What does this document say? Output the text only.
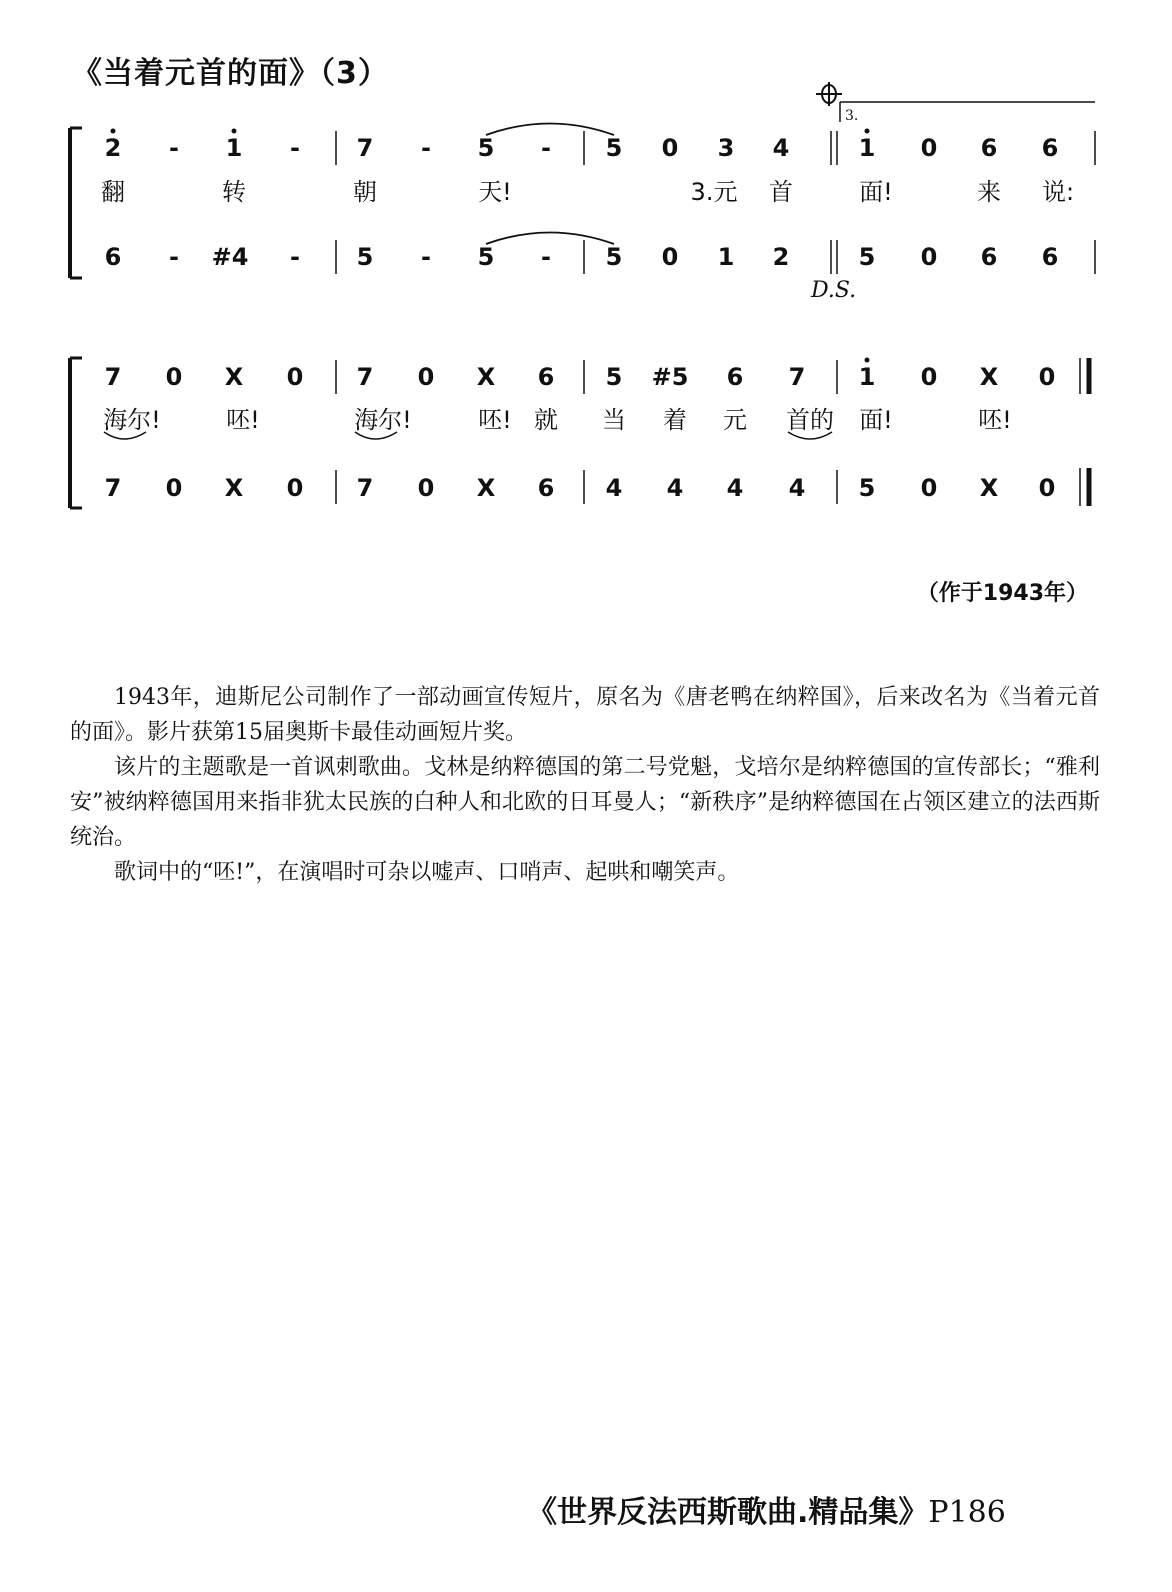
《当着元首的面》（3）
2 - 1 - 7 - 5 - 5 0 3 4	1 0 6 6
翻	转	朝	天!	3.元 首	面!	来 说:
6 - #4 - 5 - 5 - 5 0 1 2	5 0 6 6
3.
D.S.
7 0 X 0 7 0 X 6 5 #5 6 7 1 0 X 0
海尔!	呸!	海尔!	呸! 就 当 着 元 首的 面!	呸!
7 0 X 0 7 0 X 6 4 4 4 4 5 0 X 0
（作于1943年）

1943年，迪斯尼公司制作了一部动画宣传短片，原名为《唐老鸭在纳粹国》，后来改名为《当着元首的面》。影片获第15届奥斯卡最佳动画短片奖。

该片的主题歌是一首讽刺歌曲。戈林是纳粹德国的第二号党魁，戈培尔是纳粹德国的宣传部长；“雅利安”被纳粹德国用来指非犹太民族的白种人和北欧的日耳曼人；“新秩序”是纳粹德国在占领区建立的法西斯统治。

歌词中的“呸!”，在演唱时可杂以嘘声、口哨声、起哄和嘲笑声。

《世界反法西斯歌曲.精品集》P186
